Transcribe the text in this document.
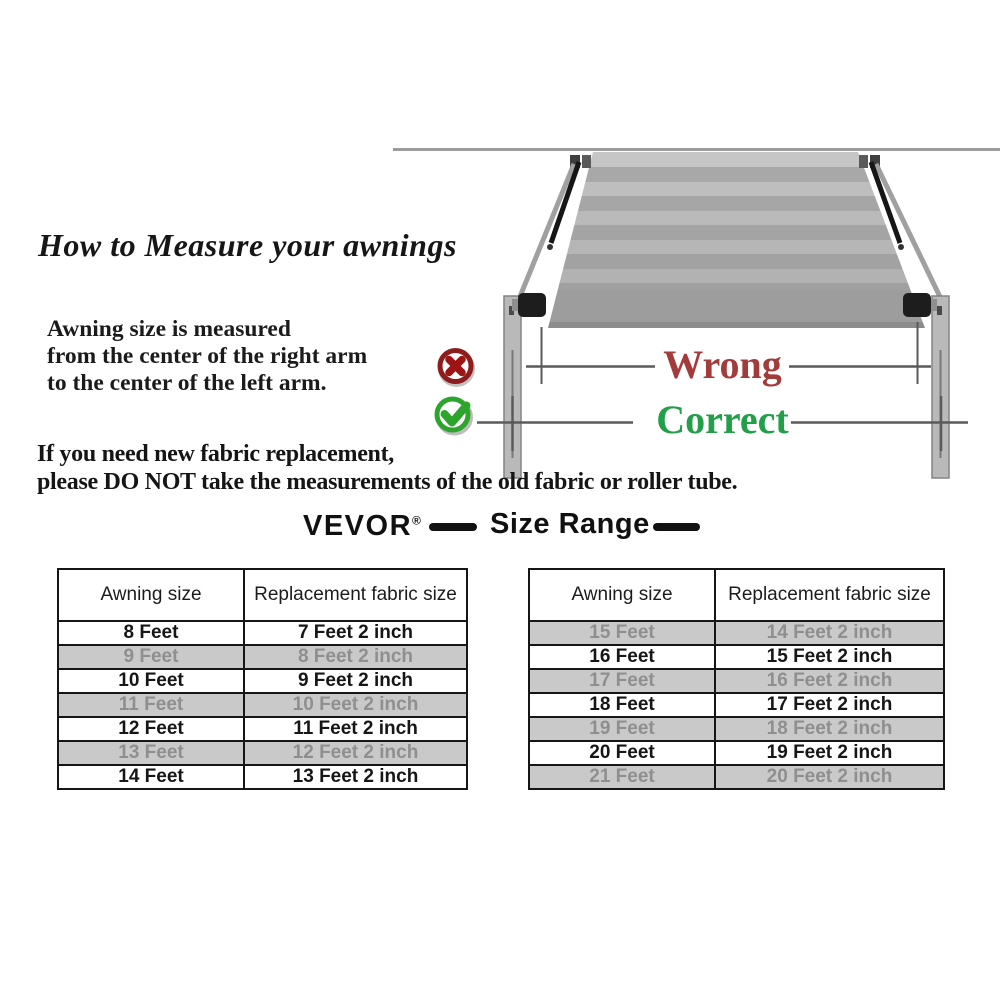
How to Measure your awnings
Awning size is measured
from the center of the right arm
to the center of the left arm.	Wrong
Correct
If you need new fabric replacement,
please DO NOT take the measurements of the old fabric or roller tube.
VEVOR® Size Range
Awning size	Replacement fabric size
8 Feet	7 Feet 2 inch
9 Feet	8 Feet 2 inch
10 Feet	9 Feet 2 inch
11 Feet	10 Feet 2 inch
12 Feet	11 Feet 2 inch
13 Feet	12 Feet 2 inch
14 Feet	13 Feet 2 inch
Awning size	Replacement fabric size
15 Feet	14 Feet 2 inch
16 Feet	15 Feet 2 inch
17 Feet	16 Feet 2 inch
18 Feet	17 Feet 2 inch
19 Feet	18 Feet 2 inch
20 Feet	19 Feet 2 inch
21 Feet	20 Feet 2 inch
